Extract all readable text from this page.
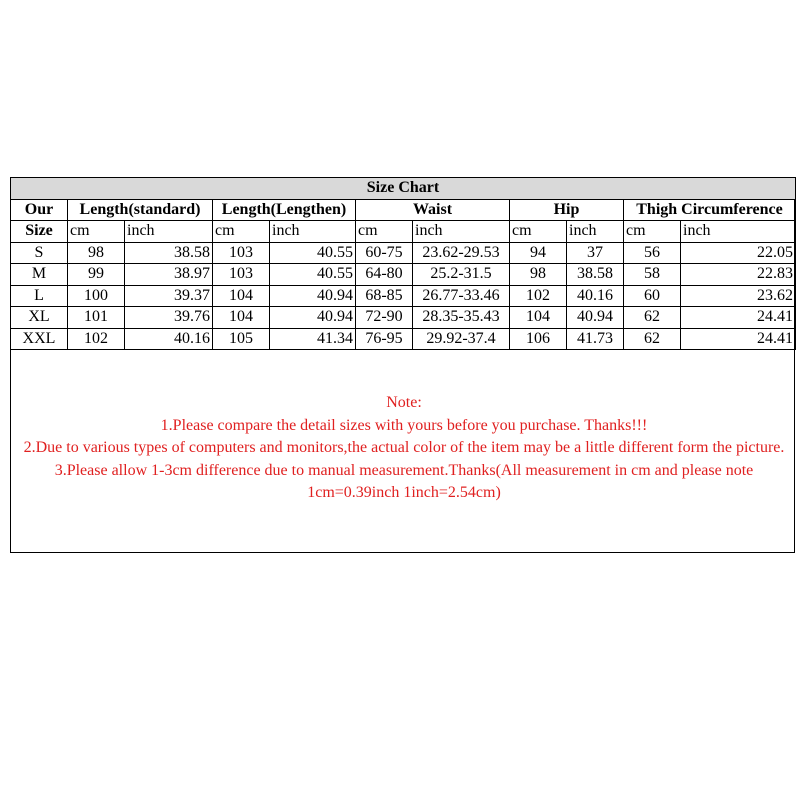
Size Chart										
Our	Length(standard)		Length(Lengthen)		Waist		Hip		Thigh Circumference	
Size	cm	inch	cm	inch	cm	inch	cm	inch	cm	inch
S	98	38.58	103	40.55	60-75	23.62-29.53	94	37	56	22.05
M	99	38.97	103	40.55	64-80	25.2-31.5	98	38.58	58	22.83
L	100	39.37	104	40.94	68-85	26.77-33.46	102	40.16	60	23.62
XL	101	39.76	104	40.94	72-90	28.35-35.43	104	40.94	62	24.41
XXL	102	40.16	105	41.34	76-95	29.92-37.4	106	41.73	62	24.41

Note:

1.Please compare the detail sizes with yours before you purchase. Thanks!!!

2.Due to various types of computers and monitors,the actual color of the item may be a little different form the picture.

3.Please allow 1-3cm difference due to manual measurement.Thanks(All measurement in cm and please note 1cm=0.39inch 1inch=2.54cm)
